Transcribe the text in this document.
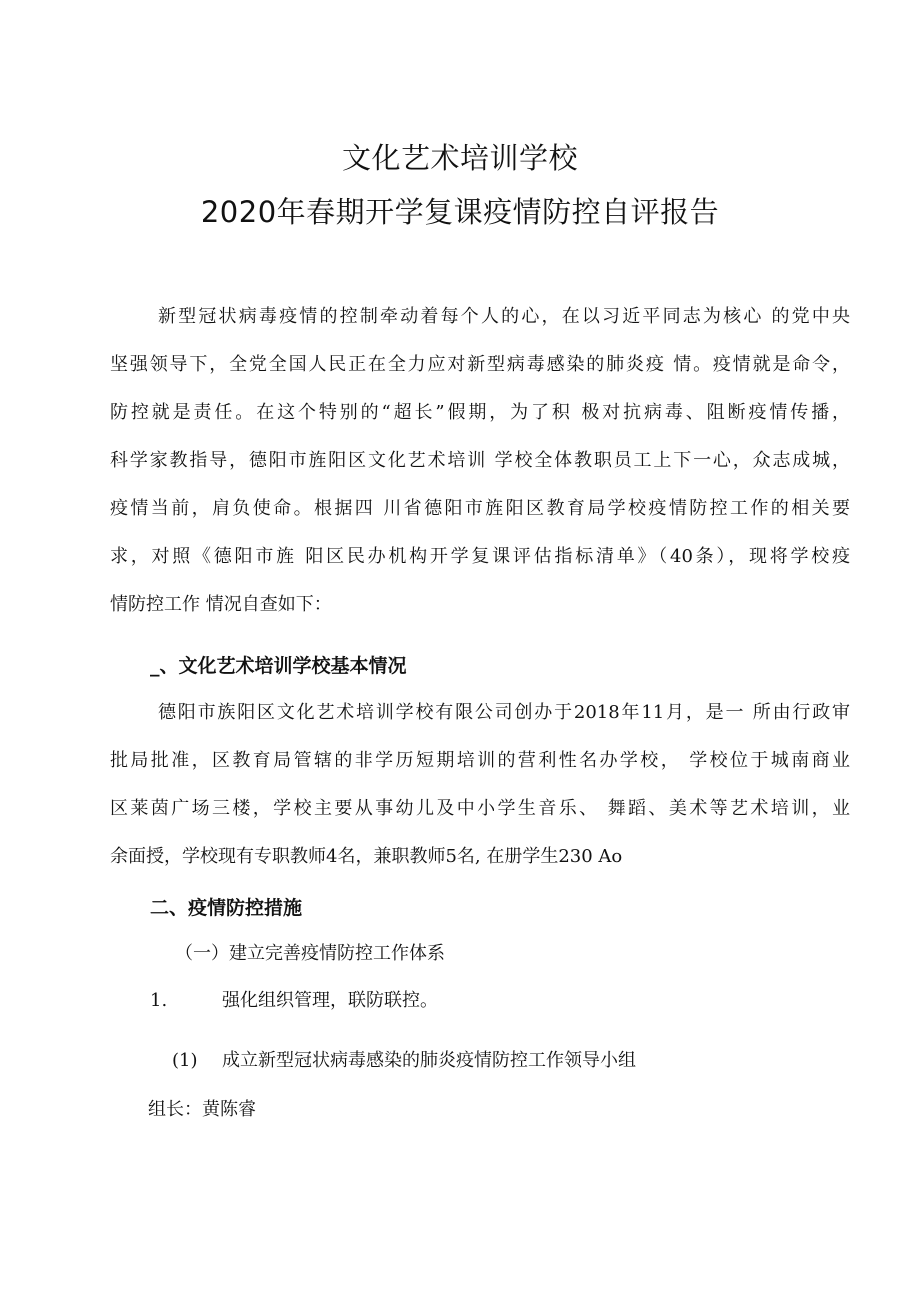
文化艺术培训学校
2020年春期开学复课疫情防控自评报告
新型冠状病毒疫情的控制牵动着每个人的心，在以习近平同志为核心 的党中央
坚强领导下，全党全国人民正在全力应对新型病毒感染的肺炎疫 情。疫情就是命令，
防控就是责任。在这个特别的“超长”假期，为了积 极对抗病毒、阻断疫情传播，
科学家教指导，德阳市旌阳区文化艺术培训 学校全体教职员工上下一心，众志成城，
疫情当前，肩负使命。根据四 川省德阳市旌阳区教育局学校疫情防控工作的相关要
求，对照《德阳市旌 阳区民办机构开学复课评估指标清单》（40条），现将学校疫
情防控工作 情况自查如下：
_、文化艺术培训学校基本情况
德阳市族阳区文化艺术培训学校有限公司创办于2018年11月，是一 所由行政审
批局批准，区教育局管辖的非学历短期培训的营利性名办学校， 学校位于城南商业
区莱茵广场三楼，学校主要从事幼儿及中小学生音乐、 舞蹈、美术等艺术培训，业
余面授，学校现有专职教师4名，兼职教师5名, 在册学生230 Ao
二、疫情防控措施
（一）建立完善疫情防控工作体系
1.	强化组织管理，联防联控。
(1) 成立新型冠状病毒感染的肺炎疫情防控工作领导小组
组长：黄陈睿
